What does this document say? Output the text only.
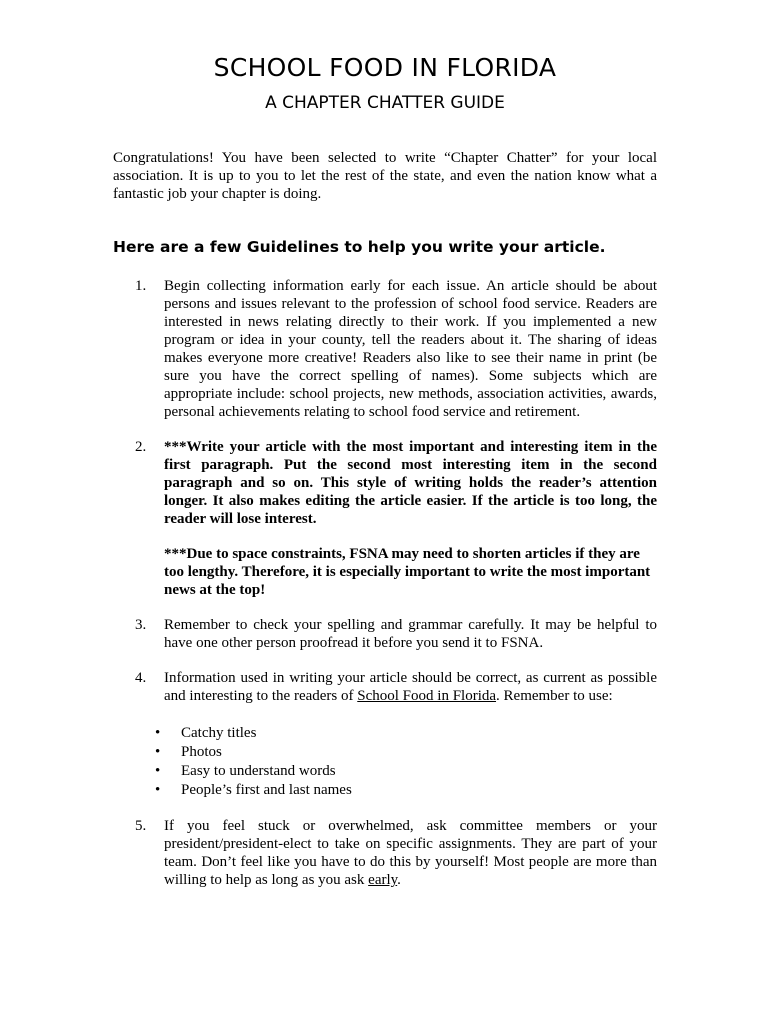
SCHOOL FOOD IN FLORIDA
A CHAPTER CHATTER GUIDE
Congratulations! You have been selected to write “Chapter Chatter” for your local association. It is up to you to let the rest of the state, and even the nation know what a fantastic job your chapter is doing.
Here are a few Guidelines to help you write your article.
1.	Begin collecting information early for each issue. An article should be about persons and issues relevant to the profession of school food service. Readers are interested in news relating directly to their work. If you implemented a new program or idea in your county, tell the readers about it. The sharing of ideas makes everyone more creative! Readers also like to see their name in print (be sure you have the correct spelling of names). Some subjects which are appropriate include: school projects, new methods, association activities, awards, personal achievements relating to school food service and retirement.
2.	***Write your article with the most important and interesting item in the first paragraph. Put the second most interesting item in the second paragraph and so on. This style of writing holds the reader’s attention longer. It also makes editing the article easier. If the article is too long, the reader will lose interest.
***Due to space constraints, FSNA may need to shorten articles if they are too lengthy. Therefore, it is especially important to write the most important news at the top!
3.	Remember to check your spelling and grammar carefully. It may be helpful to have one other person proofread it before you send it to FSNA.
4.	Information used in writing your article should be correct, as current as possible and interesting to the readers of School Food in Florida. Remember to use:
• Catchy titles
• Photos
• Easy to understand words
• People’s first and last names
5.	If you feel stuck or overwhelmed, ask committee members or your president/president-elect to take on specific assignments. They are part of your team. Don’t feel like you have to do this by yourself! Most people are more than willing to help as long as you ask early.
